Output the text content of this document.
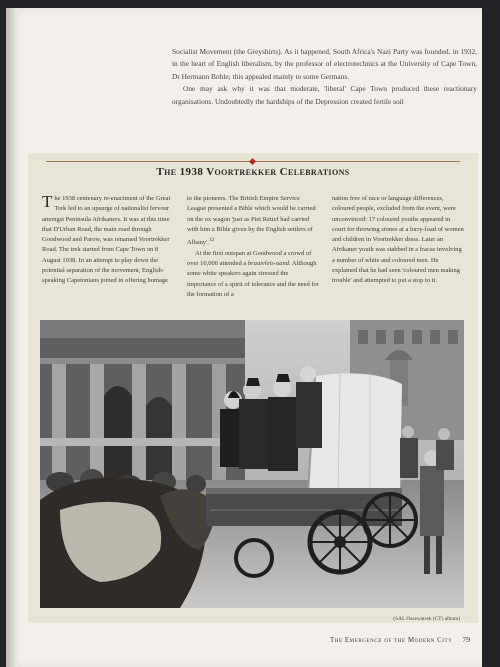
Socialist Movement (the Greyshirts). As it happened, South Africa's Nazi Party was founded, in 1932, in the heart of English liberalism, by the professor of electrotechnics at the University of Cape Town, Dr Hermann Bohle; this appealed mainly to some Germans.

One may ask why it was that moderate, 'liberal' Cape Town produced these reactionary organisations. Undoubtedly the hardships of the Depression created fertile soil

The 1938 Voortrekker Celebrations

The 1938 centenary re-enactment of the Great Trek led to an upsurge of nationalist fervour amongst Peninsula Afrikaners. It was at this time that D'Urban Road, the main road through Goodwood and Parow, was renamed Voortrekker Road. The trek started from Cape Town on 8 August 1938. In an attempt to play down the potential separation of the movement, English-speaking Capetonians joined in offering homage

to the pioneers. The British Empire Service League presented a Bible which would be carried on the ox wagon 'just as Piet Retief had carried with him a Bible given by the English settlers of Albany'.$^{12}$

At the first outspan at Goodwood a crowd of over 10,000 attended a braaivleis-aand. Although some white speakers again stressed the importance of a spirit of tolerance and the need for the formation of a

nation free of race or language differences, coloured people, excluded from the event, were unconvinced: 17 coloured youths appeared in court for throwing stones at a lorry-load of women and children in Voortrekker dress. Later an Afrikaner youth was stabbed in a fracas involving a number of white and coloured men. He explained that he had seen 'coloured men making trouble' and attempted to put a stop to it.

(SAL Ossewatrek (CT) album)
The Emergence of the Modern City 79
